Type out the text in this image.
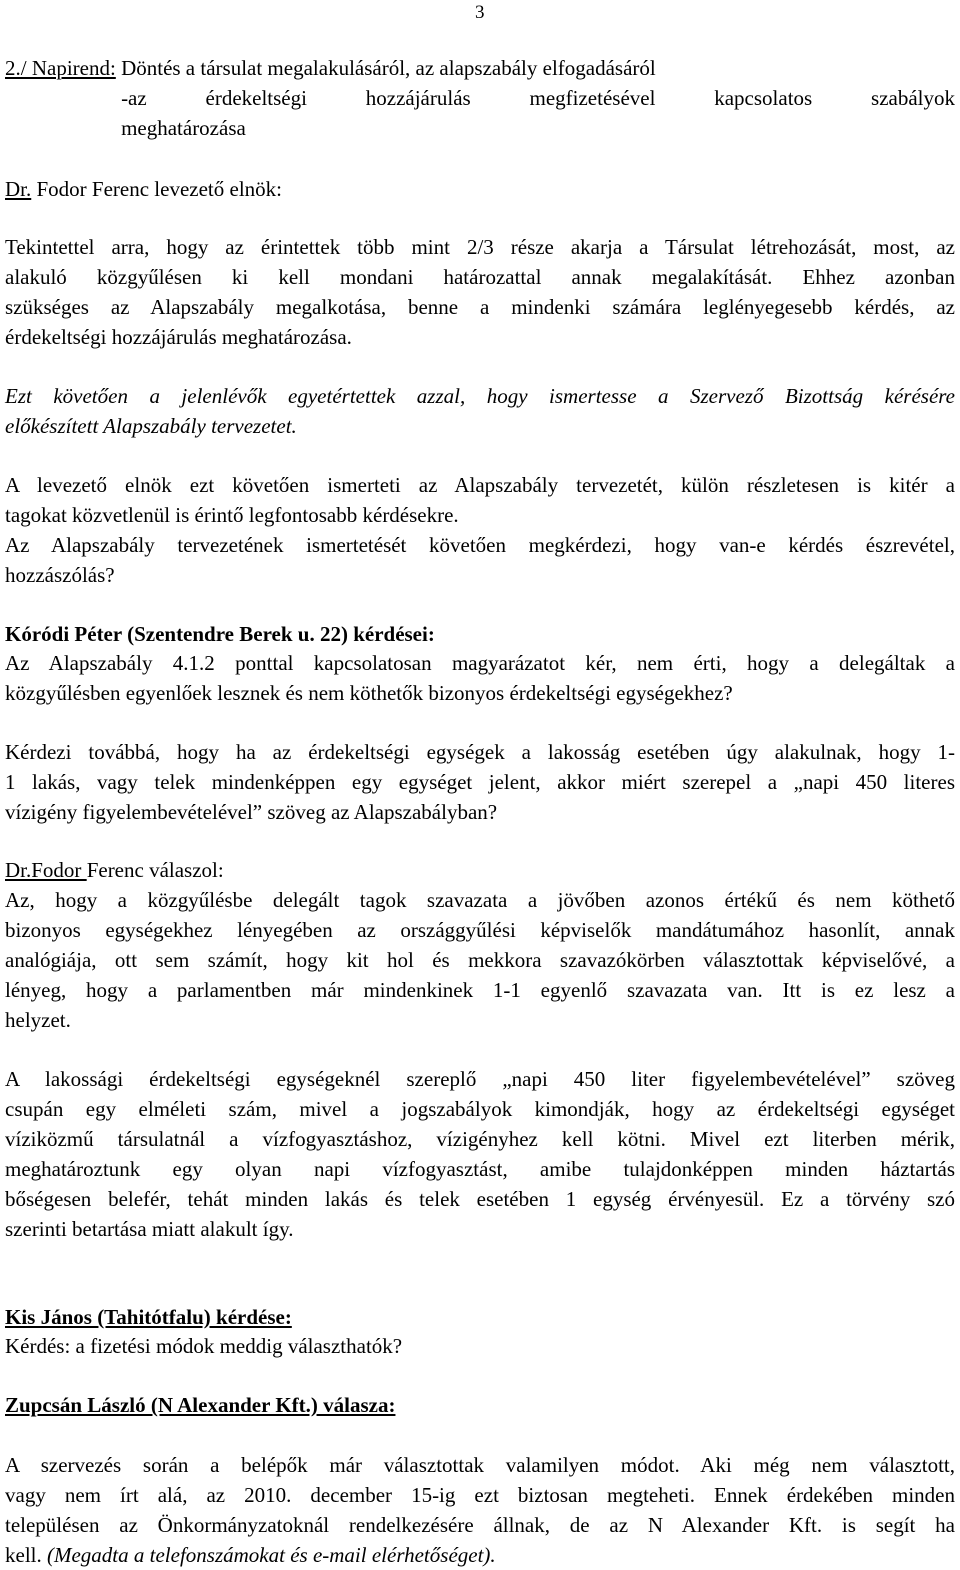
3
2./ Napirend: Döntés a társulat megalakulásáról, az alapszabály elfogadásáról
-az érdekeltségi hozzájárulás megfizetésével kapcsolatos szabályok
meghatározása
Dr. Fodor Ferenc levezető elnök:
Tekintettel arra, hogy az érintettek több mint 2/3 része akarja a Társulat létrehozását, most, az
alakuló közgyűlésen ki kell mondani határozattal annak megalakítását. Ehhez azonban
szükséges az Alapszabály megalkotása, benne a mindenki számára leglényegesebb kérdés, az
érdekeltségi hozzájárulás meghatározása.
Ezt követően a jelenlévők egyetértettek azzal, hogy ismertesse a Szervező Bizottság kérésére
előkészített Alapszabály tervezetet.
A levezető elnök ezt követően ismerteti az Alapszabály tervezetét, külön részletesen is kitér a
tagokat közvetlenül is érintő legfontosabb kérdésekre.
Az Alapszabály tervezetének ismertetését követően megkérdezi, hogy van-e kérdés észrevétel,
hozzászólás?
Kóródi Péter (Szentendre Berek u. 22) kérdései:
Az Alapszabály 4.1.2 ponttal kapcsolatosan magyarázatot kér, nem érti, hogy a delegáltak a
közgyűlésben egyenlőek lesznek és nem köthetők bizonyos érdekeltségi egységekhez?
Kérdezi továbbá, hogy ha az érdekeltségi egységek a lakosság esetében úgy alakulnak, hogy 1-
1 lakás, vagy telek mindenképpen egy egységet jelent, akkor miért szerepel a „napi 450 literes
vízigény figyelembevételével” szöveg az Alapszabályban?
Dr.Fodor Ferenc válaszol:
Az, hogy a közgyűlésbe delegált tagok szavazata a jövőben azonos értékű és nem köthető
bizonyos egységekhez lényegében az országgyűlési képviselők mandátumához hasonlít, annak
analógiája, ott sem számít, hogy kit hol és mekkora szavazókörben választottak képviselővé, a
lényeg, hogy a parlamentben már mindenkinek 1-1 egyenlő szavazata van. Itt is ez lesz a
helyzet.
A lakossági érdekeltségi egységeknél szereplő „napi 450 liter figyelembevételével” szöveg
csupán egy elméleti szám, mivel a jogszabályok kimondják, hogy az érdekeltségi egységet
víziközmű társulatnál a vízfogyasztáshoz, vízigényhez kell kötni. Mivel ezt literben mérik,
meghatároztunk egy olyan napi vízfogyasztást, amibe tulajdonképpen minden háztartás
bőségesen belefér, tehát minden lakás és telek esetében 1 egység érvényesül. Ez a törvény szó
szerinti betartása miatt alakult így.
Kis János (Tahitótfalu) kérdése:
Kérdés: a fizetési módok meddig választhatók?
Zupcsán László (N Alexander Kft.) válasza:
A szervezés során a belépők már választottak valamilyen módot. Aki még nem választott,
vagy nem írt alá, az 2010. december 15-ig ezt biztosan megteheti. Ennek érdekében minden
településen az Önkormányzatoknál rendelkezésére állnak, de az N Alexander Kft. is segít ha
kell. (Megadta a telefonszámokat és e-mail elérhetőséget).
